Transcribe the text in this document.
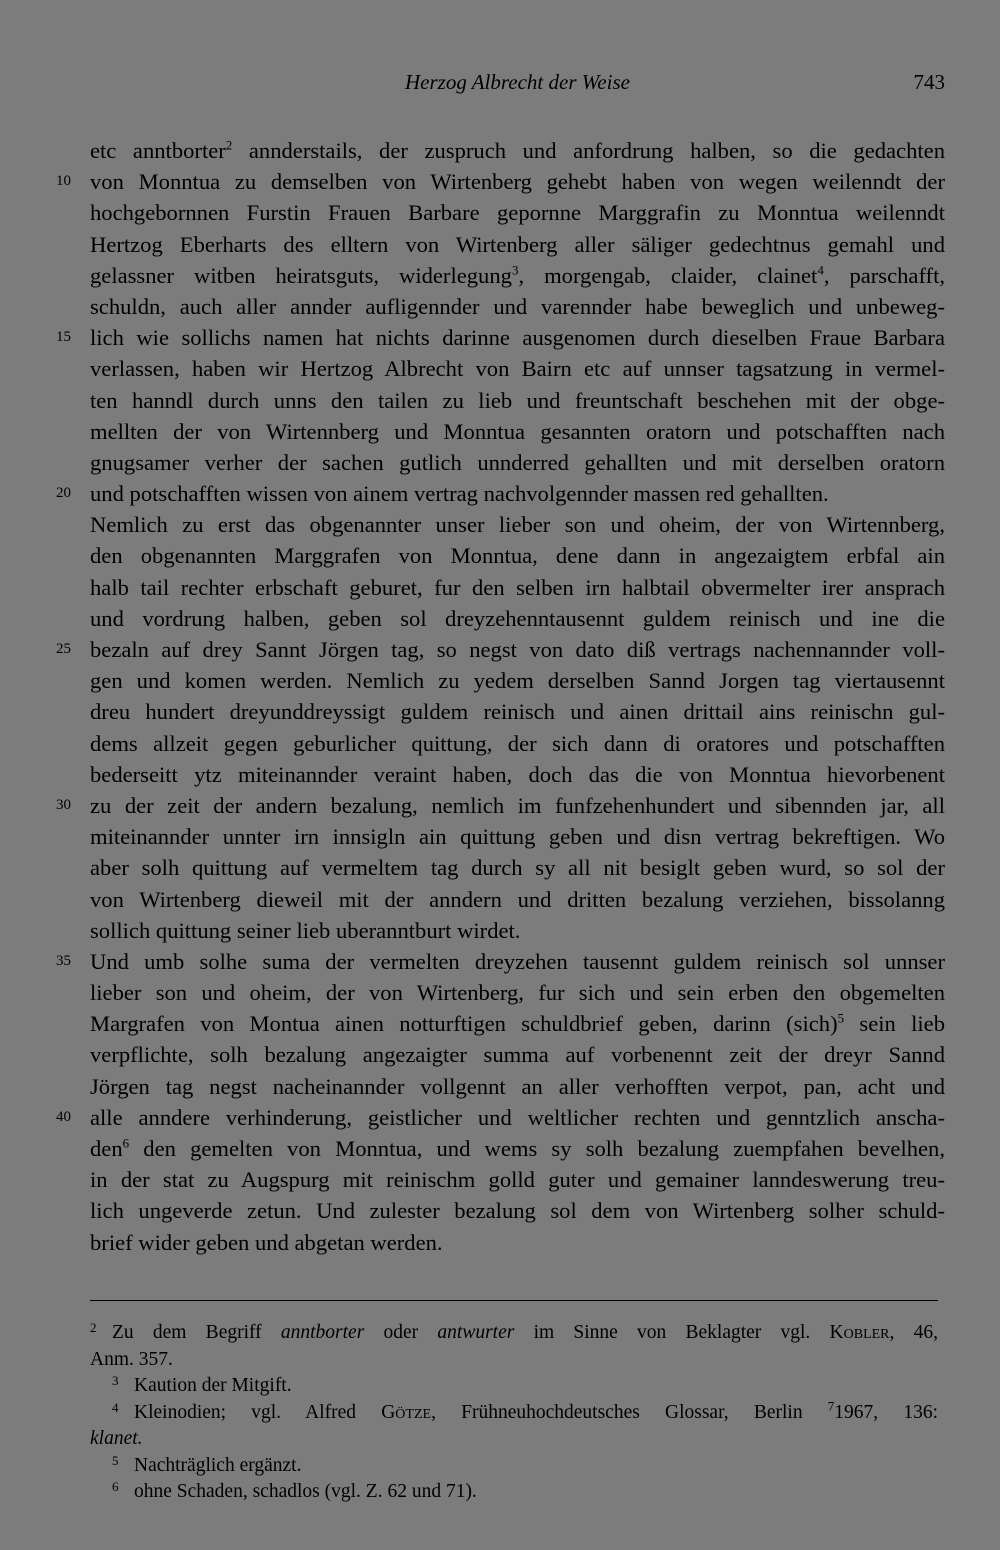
Herzog Albrecht der Weise	743
etc anntborter$^2$ annderstails, der zuspruch und anfordrung halben, so die gedachten
10 von Monntua zu demselben von Wirtenberg gehebt haben von wegen weilenndt der
hochgebornnen Furstin Frauen Barbare gepornne Marggrafin zu Monntua weilenndt
Hertzog Eberharts des elltern von Wirtenberg aller säliger gedechtnus gemahl und
gelassner witben heiratsguts, widerlegung$^3$, morgengab, claider, clainet$^4$, parschafft,
schuldn, auch aller annder aufligennder und varennder habe beweglich und unbeweg-
15 lich wie sollichs namen hat nichts darinne ausgenomen durch dieselben Fraue Barbara
verlassen, haben wir Hertzog Albrecht von Bairn etc auf unnser tagsatzung in vermel-
ten hanndl durch unns den tailen zu lieb und freuntschaft beschehen mit der obge-
mellten der von Wirtennberg und Monntua gesannten oratorn und potschafften nach
gnugsamer verher der sachen gutlich unnderred gehallten und mit derselben oratorn
20 und potschafften wissen von ainem vertrag nachvolgennder massen red gehallten.
Nemlich zu erst das obgenannter unser lieber son und oheim, der von Wirtennberg,
den obgenannten Marggrafen von Monntua, dene dann in angezaigtem erbfal ain
halb tail rechter erbschaft geburet, fur den selben irn halbtail obvermelter irer ansprach
und vordrung halben, geben sol dreyzehenntausennt guldem reinisch und ine die
25 bezaln auf drey Sannt Jörgen tag, so negst von dato diß vertrags nachennannder voll-
gen und komen werden. Nemlich zu yedem derselben Sannd Jorgen tag viertausennt
dreu hundert dreyunddreyssigt guldem reinisch und ainen drittail ains reinischn gul-
dems allzeit gegen geburlicher quittung, der sich dann di oratores und potschafften
bederseitt ytz miteinannder veraint haben, doch das die von Monntua hievorbenent
30 zu der zeit der andern bezalung, nemlich im funfzehenhundert und sibennden jar, all
miteinannder unnter irn innsigln ain quittung geben und disn vertrag bekreftigen. Wo
aber solh quittung auf vermeltem tag durch sy all nit besiglt geben wurd, so sol der
von Wirtenberg dieweil mit der anndern und dritten bezalung verziehen, bissolanng
sollich quittung seiner lieb uberanntburt wirdet.
35 Und umb solhe suma der vermelten dreyzehen tausennt guldem reinisch sol unnser
lieber son und oheim, der von Wirtenberg, fur sich und sein erben den obgemelten
Margrafen von Montua ainen notturftigen schuldbrief geben, darinn (sich)$^5$ sein lieb
verpflichte, solh bezalung angezaigter summa auf vorbenennt zeit der dreyr Sannd
Jörgen tag negst nacheinannder vollgennt an aller verhofften verpot, pan, acht und
40 alle anndere verhinderung, geistlicher und weltlicher rechten und genntzlich anscha-
den$^6$ den gemelten von Monntua, und wems sy solh bezalung zuempfahen bevelhen,
in der stat zu Augspurg mit reinischm golld guter und gemainer lanndeswerung treu-
lich ungeverde zetun. Und zulester bezalung sol dem von Wirtenberg solher schuld-
brief wider geben und abgetan werden.
2 Zu dem Begriff anntborter oder antwurter im Sinne von Beklagter vgl. Kobler, 46,
Anm. 357.
3 Kaution der Mitgift.
4 Kleinodien; vgl. Alfred Götze, Frühneuhochdeutsches Glossar, Berlin $^7$1967, 136:
klanet.
5 Nachträglich ergänzt.
6 ohne Schaden, schadlos (vgl. Z. 62 und 71).
